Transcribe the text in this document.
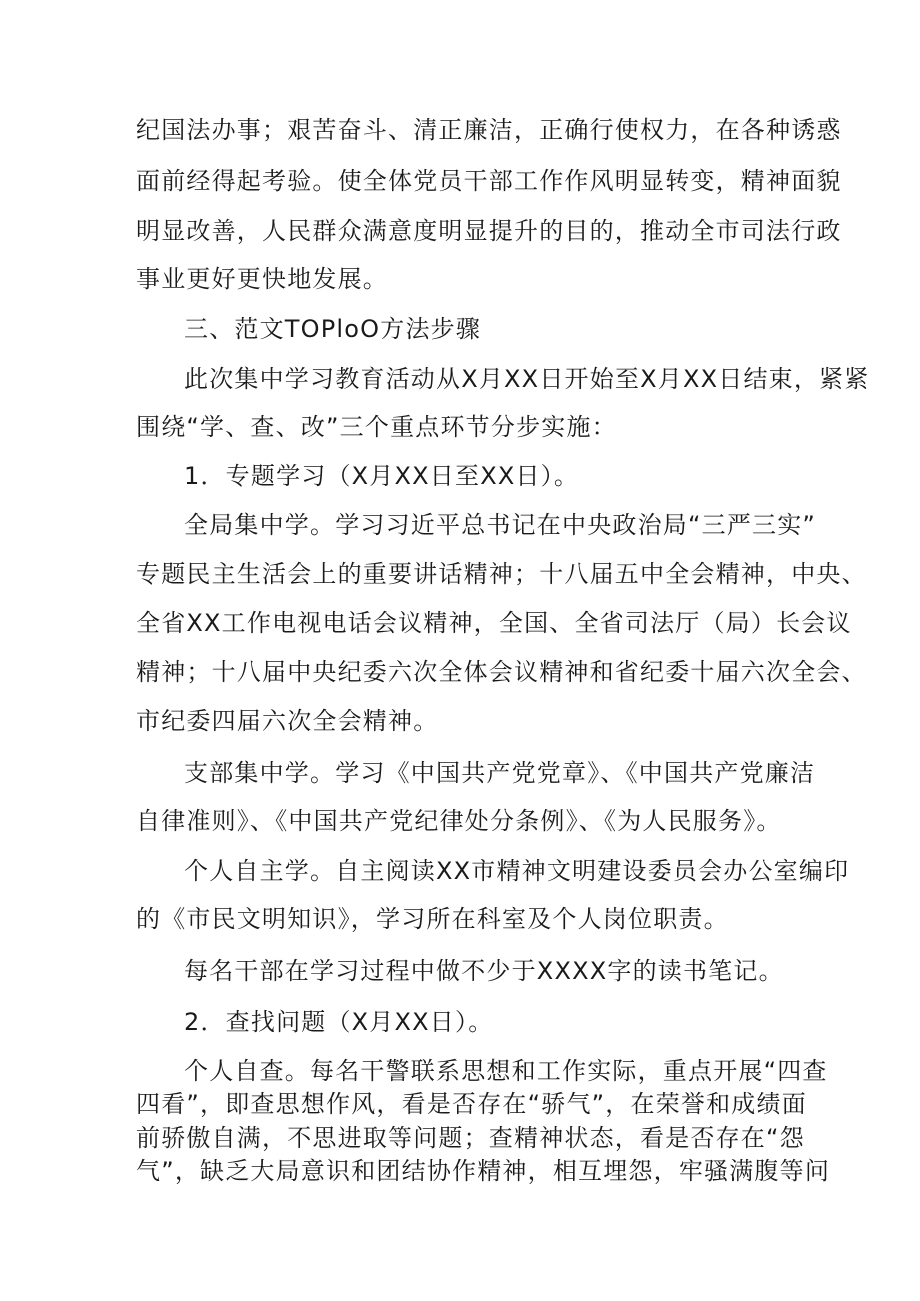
纪国法办事；艰苦奋斗、清正廉洁，正确行使权力，在各种诱惑
面前经得起考验。使全体党员干部工作作风明显转变，精神面貌
明显改善，人民群众满意度明显提升的目的，推动全市司法行政
事业更好更快地发展。
三、范文TOPloO方法步骤
此次集中学习教育活动从X月XX日开始至X月XX日结束，紧紧
围绕“学、查、改”三个重点环节分步实施：
1．专题学习（X月XX日至XX日）。
全局集中学。学习习近平总书记在中央政治局“三严三实”
专题民主生活会上的重要讲话精神；十八届五中全会精神，中央、
全省XX工作电视电话会议精神，全国、全省司法厅（局）长会议
精神；十八届中央纪委六次全体会议精神和省纪委十届六次全会、
市纪委四届六次全会精神。
支部集中学。学习《中国共产党党章》、《中国共产党廉洁
自律准则》、《中国共产党纪律处分条例》、《为人民服务》。
个人自主学。自主阅读XX市精神文明建设委员会办公室编印
的《市民文明知识》，学习所在科室及个人岗位职责。
每名干部在学习过程中做不少于XXXX字的读书笔记。
2．查找问题（X月XX日）。
个人自查。每名干警联系思想和工作实际，重点开展“四查
四看”，即查思想作风，看是否存在“骄气”，在荣誉和成绩面
前骄傲自满，不思进取等问题；查精神状态，看是否存在“怨
气”，缺乏大局意识和团结协作精神，相互埋怨，牢骚满腹等问
